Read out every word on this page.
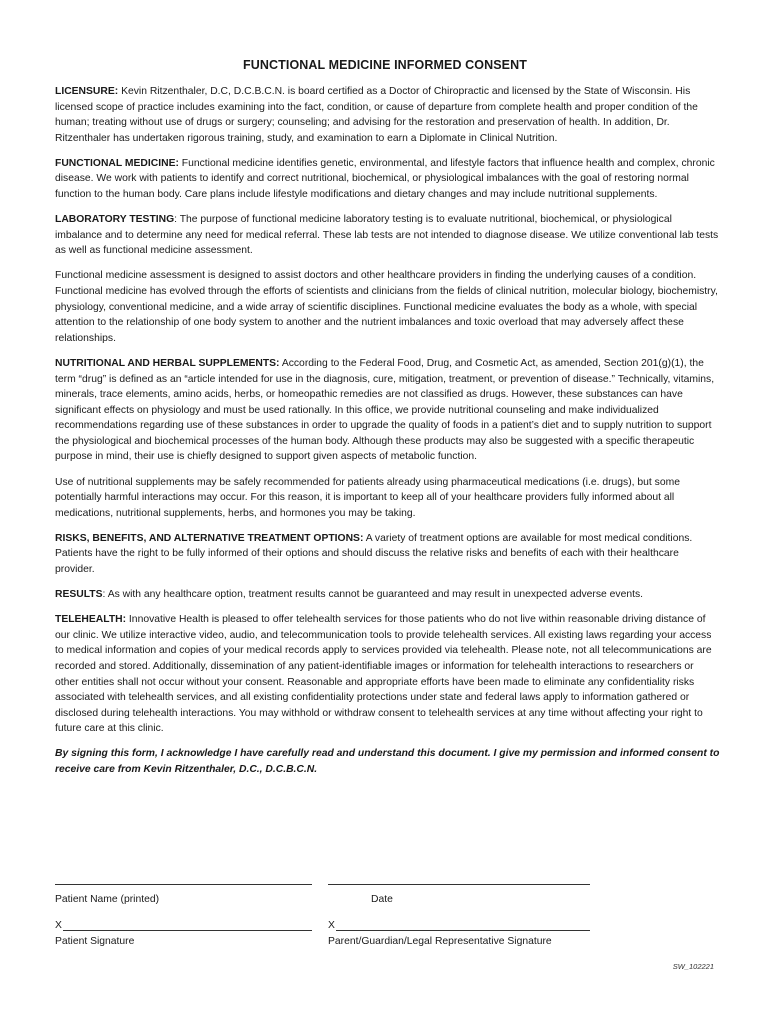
FUNCTIONAL MEDICINE INFORMED CONSENT

LICENSURE: Kevin Ritzenthaler, D.C, D.C.B.C.N. is board certified as a Doctor of Chiropractic and licensed by the State of Wisconsin. His licensed scope of practice includes examining into the fact, condition, or cause of departure from complete health and proper condition of the human; treating without use of drugs or surgery; counseling; and advising for the restoration and preservation of health. In addition, Dr. Ritzenthaler has undertaken rigorous training, study, and examination to earn a Diplomate in Clinical Nutrition.

FUNCTIONAL MEDICINE: Functional medicine identifies genetic, environmental, and lifestyle factors that influence health and complex, chronic disease. We work with patients to identify and correct nutritional, biochemical, or physiological imbalances with the goal of restoring normal function to the human body. Care plans include lifestyle modifications and dietary changes and may include nutritional supplements.

LABORATORY TESTING: The purpose of functional medicine laboratory testing is to evaluate nutritional, biochemical, or physiological imbalance and to determine any need for medical referral. These lab tests are not intended to diagnose disease. We utilize conventional lab tests as well as functional medicine assessment.

Functional medicine assessment is designed to assist doctors and other healthcare providers in finding the underlying causes of a condition. Functional medicine has evolved through the efforts of scientists and clinicians from the fields of clinical nutrition, molecular biology, biochemistry, physiology, conventional medicine, and a wide array of scientific disciplines. Functional medicine evaluates the body as a whole, with special attention to the relationship of one body system to another and the nutrient imbalances and toxic overload that may adversely affect these relationships.

NUTRITIONAL AND HERBAL SUPPLEMENTS: According to the Federal Food, Drug, and Cosmetic Act, as amended, Section 201(g)(1), the term “drug” is defined as an “article intended for use in the diagnosis, cure, mitigation, treatment, or prevention of disease.” Technically, vitamins, minerals, trace elements, amino acids, herbs, or homeopathic remedies are not classified as drugs. However, these substances can have significant effects on physiology and must be used rationally. In this office, we provide nutritional counseling and make individualized recommendations regarding use of these substances in order to upgrade the quality of foods in a patient’s diet and to supply nutrition to support the physiological and biochemical processes of the human body. Although these products may also be suggested with a specific therapeutic purpose in mind, their use is chiefly designed to support given aspects of metabolic function.

Use of nutritional supplements may be safely recommended for patients already using pharmaceutical medications (i.e. drugs), but some potentially harmful interactions may occur. For this reason, it is important to keep all of your healthcare providers fully informed about all medications, nutritional supplements, herbs, and hormones you may be taking.

RISKS, BENEFITS, AND ALTERNATIVE TREATMENT OPTIONS: A variety of treatment options are available for most medical conditions. Patients have the right to be fully informed of their options and should discuss the relative risks and benefits of each with their healthcare provider.

RESULTS: As with any healthcare option, treatment results cannot be guaranteed and may result in unexpected adverse events.

TELEHEALTH: Innovative Health is pleased to offer telehealth services for those patients who do not live within reasonable driving distance of our clinic. We utilize interactive video, audio, and telecommunication tools to provide telehealth services. All existing laws regarding your access to medical information and copies of your medical records apply to services provided via telehealth. Please note, not all telecommunications are recorded and stored. Additionally, dissemination of any patient-identifiable images or information for telehealth interactions to researchers or other entities shall not occur without your consent. Reasonable and appropriate efforts have been made to eliminate any confidentiality risks associated with telehealth services, and all existing confidentiality protections under state and federal laws apply to information gathered or disclosed during telehealth interactions. You may withhold or withdraw consent to telehealth services at any time without affecting your right to future care at this clinic.

By signing this form, I acknowledge I have carefully read and understand this document. I give my permission and informed consent to receive care from Kevin Ritzenthaler, D.C., D.C.B.C.N.

Patient Name (printed)	Date
X	X
Patient Signature	Parent/Guardian/Legal Representative Signature
SW_102221
